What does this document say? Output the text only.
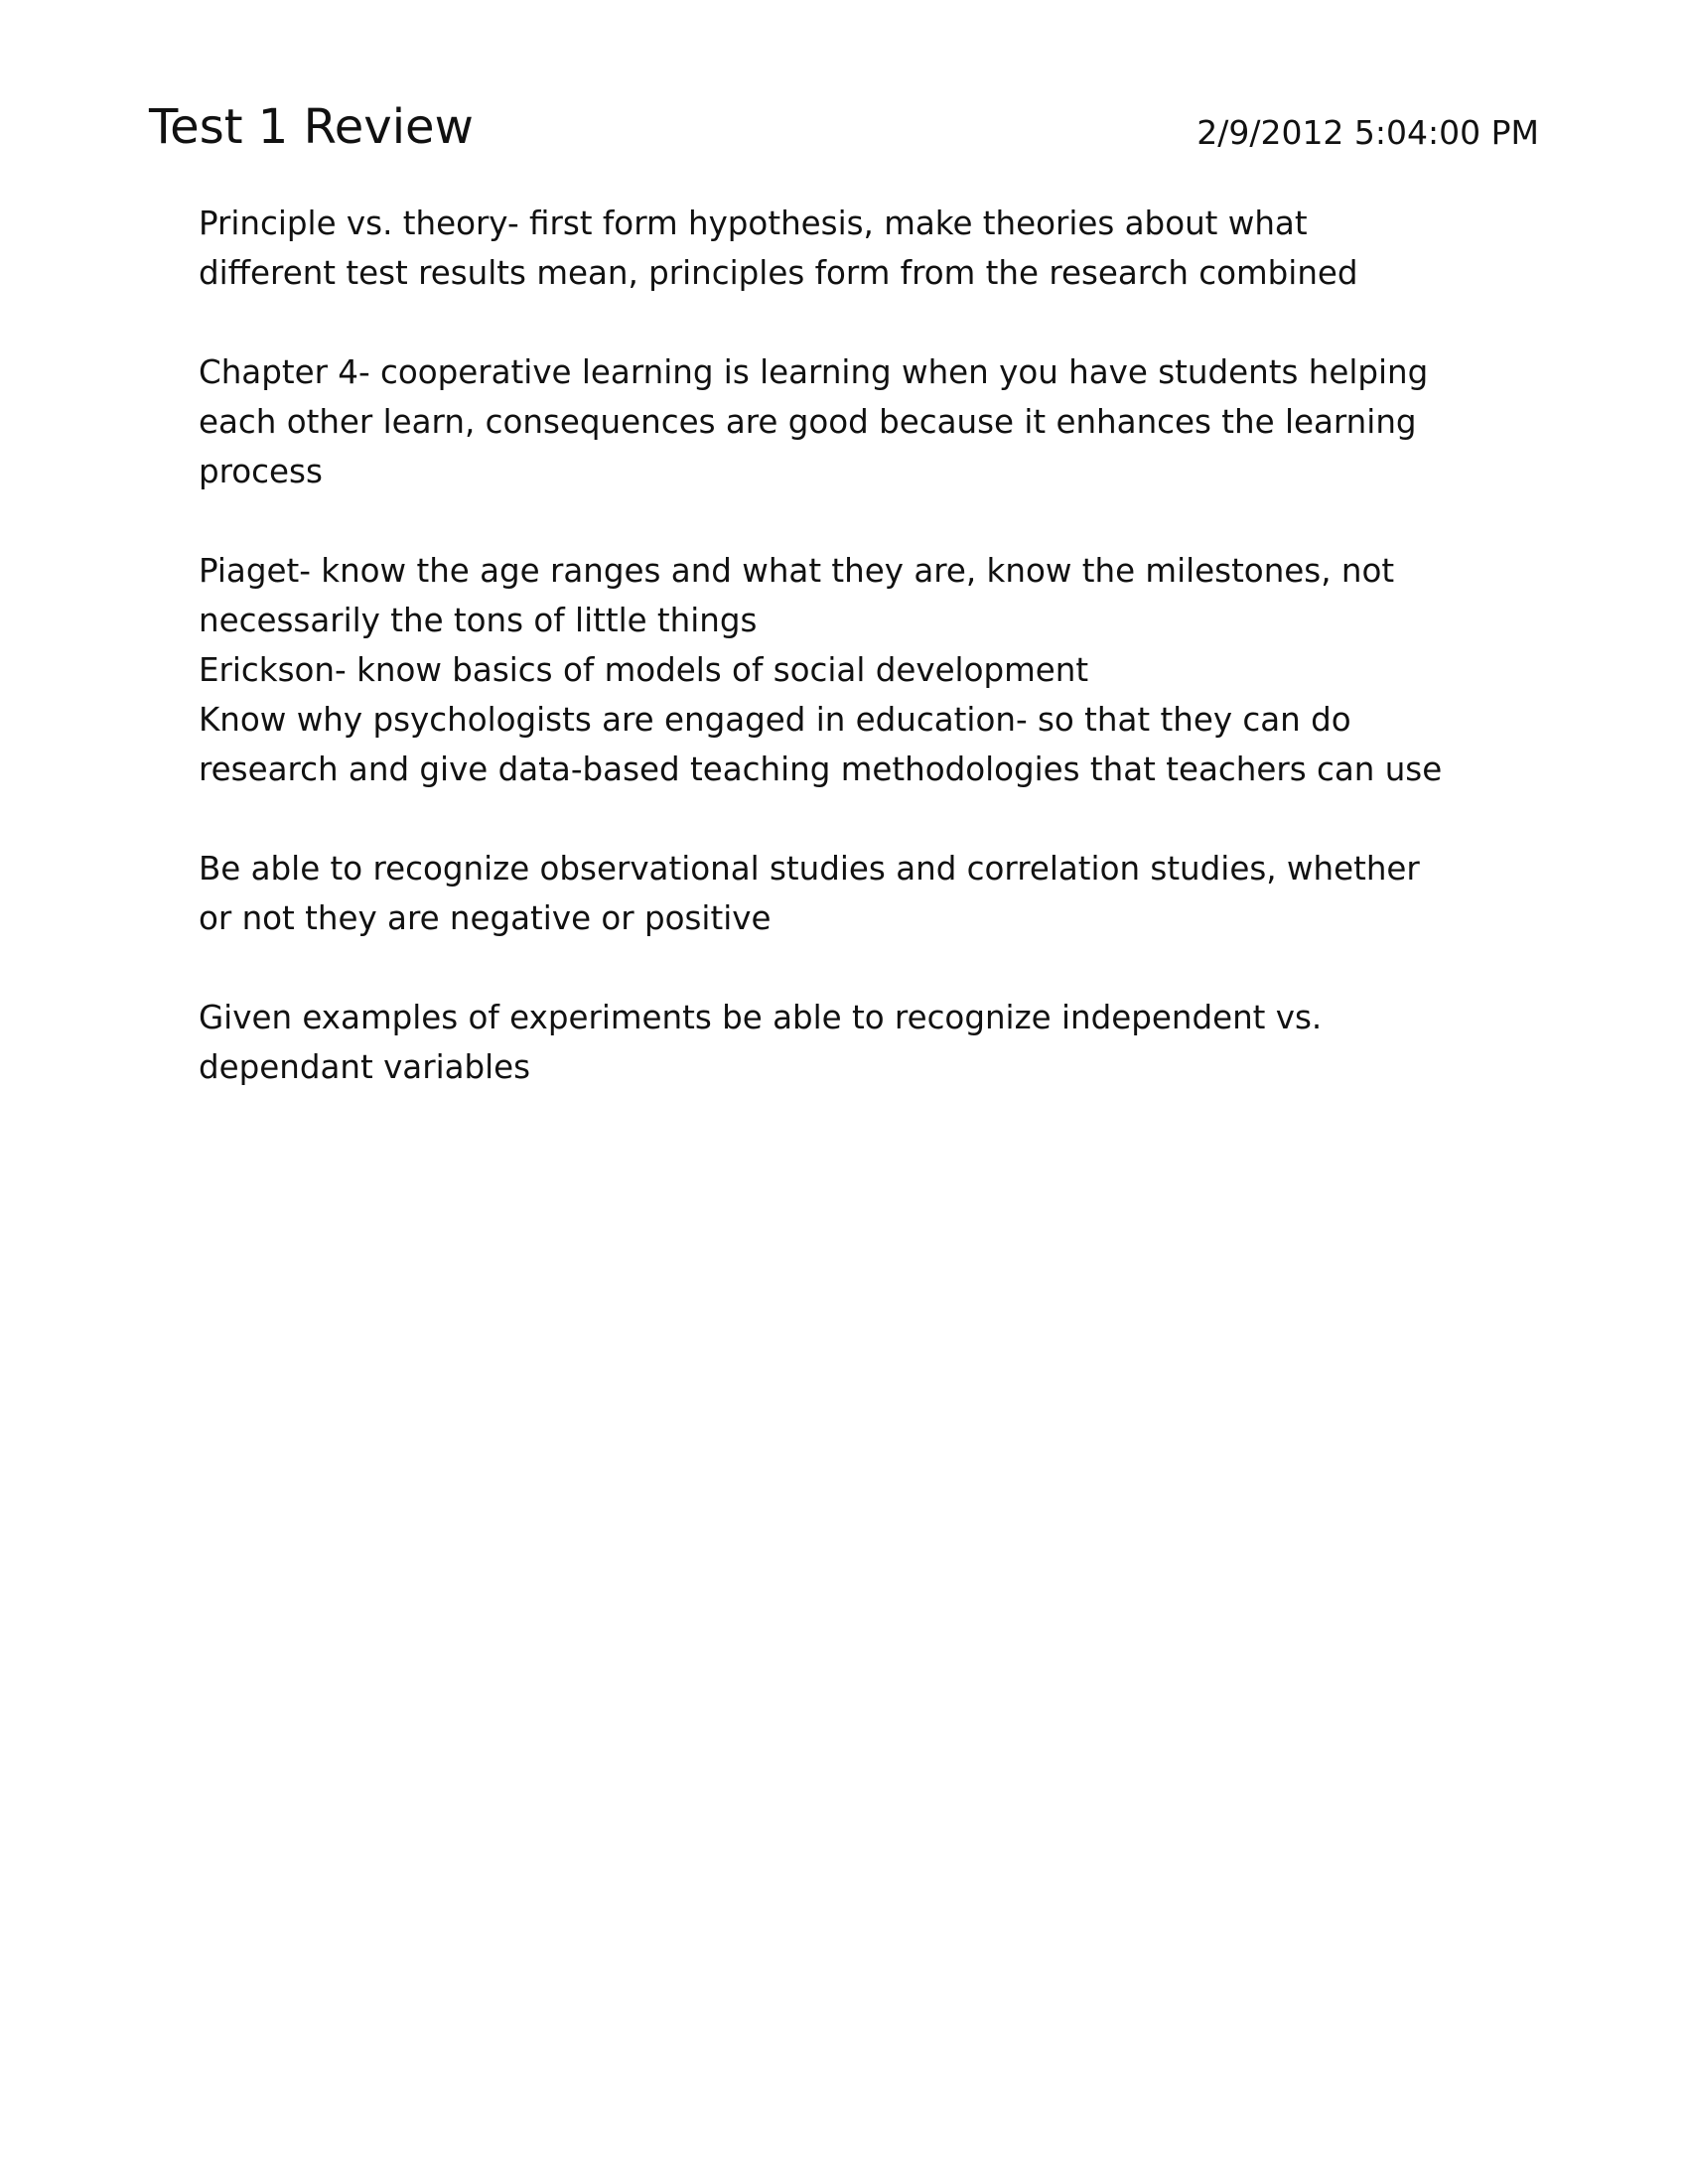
Test 1 Review	2/9/2012 5:04:00 PM
Principle vs. theory- first form hypothesis, make theories about what
different test results mean, principles form from the research combined
Chapter 4- cooperative learning is learning when you have students helping
each other learn, consequences are good because it enhances the learning
process
Piaget- know the age ranges and what they are, know the milestones, not
necessarily the tons of little things
Erickson- know basics of models of social development
Know why psychologists are engaged in education- so that they can do
research and give data-based teaching methodologies that teachers can use
Be able to recognize observational studies and correlation studies, whether
or not they are negative or positive
Given examples of experiments be able to recognize independent vs.
dependant variables
